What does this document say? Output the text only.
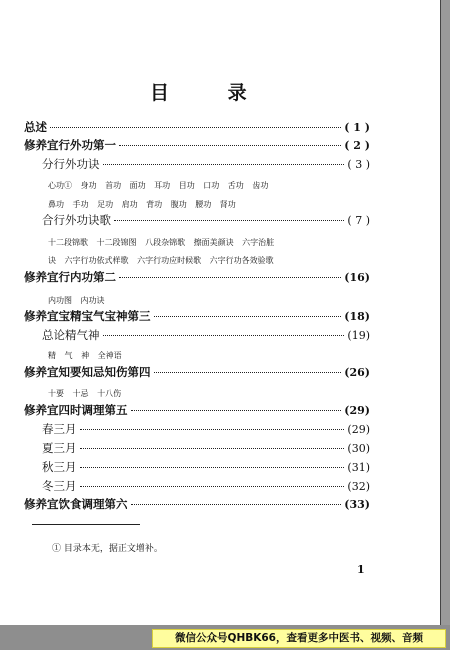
目 录
总述	( 1 )
修养宜行外功第一	( 2 )
分行外功诀	( 3 )
心功① 身功 首功 面功 耳功 目功 口功 舌功 齿功
鼻功 手功 足功 肩功 背功 腹功 腰功 肾功
合行外功诀歌	( 7 )
十二段锦歌 十二段锦图 八段杂锦歌 擦面美颜诀 六字治脏
诀 六字行功依式样歌 六字行功应时候歌 六字行功各效验歌
修养宜行内功第二	(16)
内功图 内功诀
修养宜宝精宝气宝神第三	(18)
总论精气神	(19)
精 气 神 全神语
修养宜知要知忌知伤第四	(26)
十要 十忌 十八伤
修养宜四时调理第五	(29)
春三月	(29)
夏三月	(30)
秋三月	(31)
冬三月	(32)
修养宜饮食调理第六	(33)
① 目录本无，据正文增补。
1
微信公众号QHBK66，查看更多中医书、视频、音频
